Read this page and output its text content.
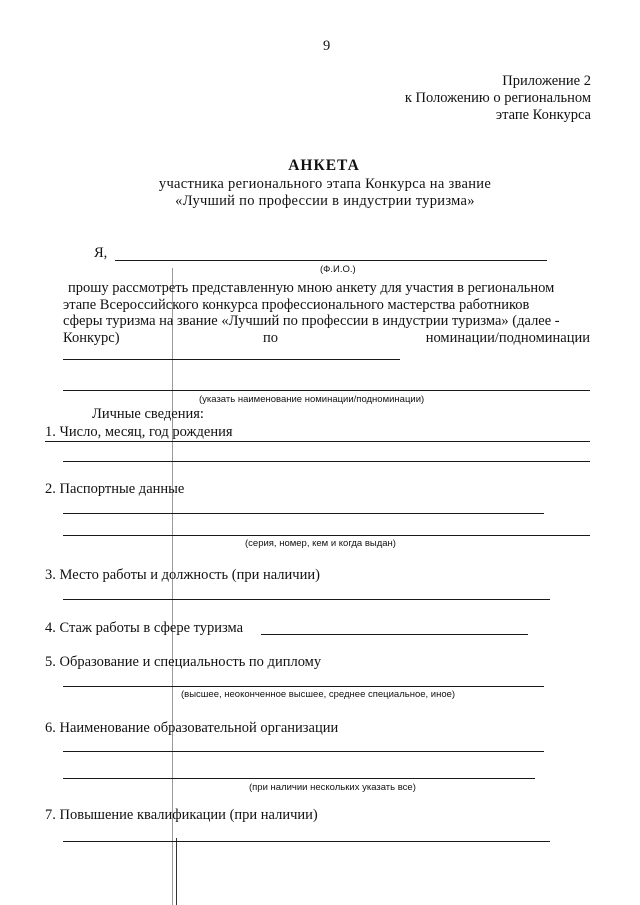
9
Приложение 2
к Положению о региональном
этапе Конкурса
АНКЕТА
участника регионального этапа Конкурса на звание
«Лучший по профессии в индустрии туризма»
Я,
(Ф.И.О.)
прошу рассмотреть представленную мною анкету для участия в региональном
этапе Всероссийского конкурса профессионального мастерства работников
сферы туризма на звание «Лучший по профессии в индустрии туризма» (далее -
Конкурс)	по	номинации/подноминации
(указать наименование номинации/подноминации)
Личные сведения:
1. Число, месяц, год рождения
2. Паспортные данные
(серия, номер, кем и когда выдан)
3. Место работы и должность (при наличии)
4. Стаж работы в сфере туризма
5. Образование и специальность по диплому
(высшее, неоконченное высшее, среднее специальное, иное)
6. Наименование образовательной организации
(при наличии нескольких указать все)
7. Повышение квалификации (при наличии)
